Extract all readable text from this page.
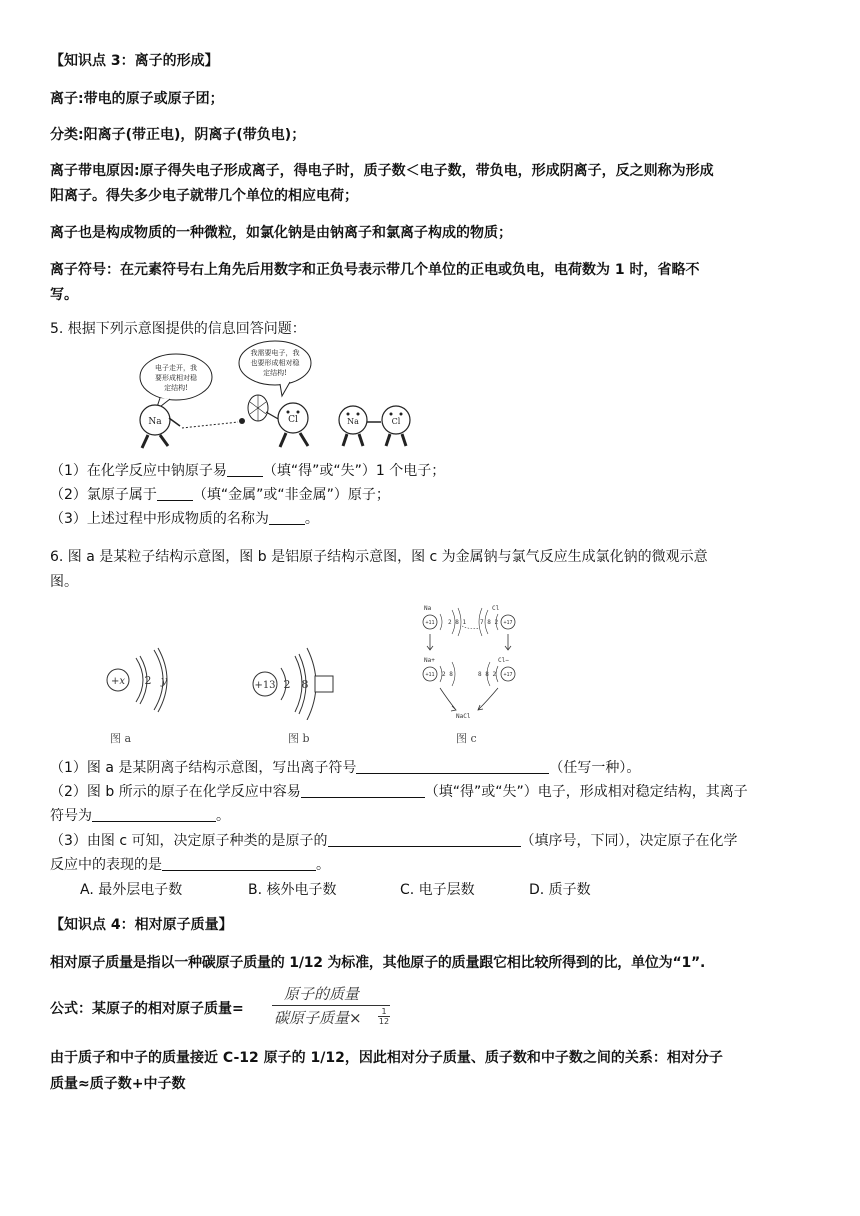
【知识点 3：离子的形成】
离子:带电的原子或原子团；
分类:阳离子(带正电)，阴离子(带负电)；
离子带电原因:原子得失电子形成离子，得电子时，质子数＜电子数，带负电，形成阴离子，反之则称为形成
阳离子。得失多少电子就带几个单位的相应电荷；
离子也是构成物质的一种微粒，如氯化钠是由钠离子和氯离子构成的物质；
离子符号：在元素符号右上角先后用数字和正负号表示带几个单位的正电或负电，电荷数为 1 时，省略不
写。
5. 根据下列示意图提供的信息回答问题：
电子走开，我
要形成相对稳
定结构!
我需要电子，我
也要形成相对稳
定结构!
Na	Cl	Na	Cl
（1）在化学反应中钠原子易	（填“得”或“失”）1 个电子；
（2）氯原子属于	（填“金属”或“非金属”）原子；
（3）上述过程中形成物质的名称为	。
6. 图 a 是某粒子结构示意图，图 b 是铝原子结构示意图，图 c 为金属钠与氯气反应生成氯化钠的微观示意
图。
+x 2 y
图 a
+13 2 8
图 b
Na
+11 2 8 1
Cl
7 8 2 +17
Na+
+11 2 8
Cl−
8 8 2 +17
NaCl
图 c
（1）图 a 是某阴离子结构示意图，写出离子符号	（任写一种）。
（2）图 b 所示的原子在化学反应中容易	（填“得”或“失”）电子，形成相对稳定结构，其离子
符号为	。
（3）由图 c 可知，决定原子种类的是原子的	（填序号，下同），决定原子在化学
反应中的表现的是	。
A. 最外层电子数	B. 核外电子数	C. 电子层数	D. 质子数
【知识点 4：相对原子质量】
相对原子质量是指以一种碳原子质量的 1/12 为标准，其他原子的质量跟它相比较所得到的比，单位为“1”.
公式：某原子的相对原子质量=
原子的质量
碳原子质量× $\frac{1}{12}$
由于质子和中子的质量接近 C-12 原子的 1/12，因此相对分子质量、质子数和中子数之间的关系：相对分子
质量≈质子数+中子数
